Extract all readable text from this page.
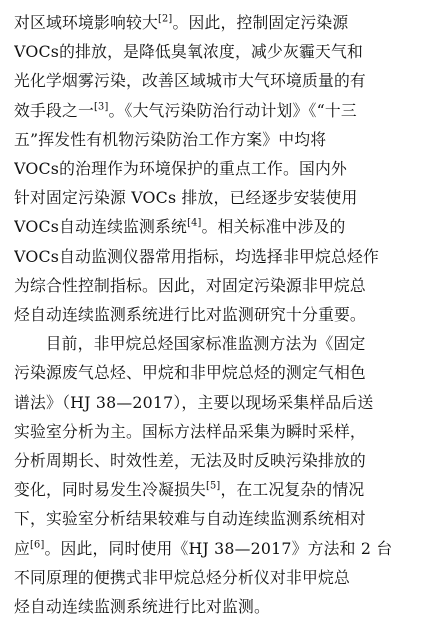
对区域环境影响较大[2]。因此，控制固定污染源
VOCs的排放，是降低臭氧浓度，减少灰霾天气和
光化学烟雾污染，改善区域城市大气环境质量的有
效手段之一[3]。《大气污染防治行动计划》《“十三
五”挥发性有机物污染防治工作方案》中均将
VOCs的治理作为环境保护的重点工作。国内外
针对固定污染源 VOCs 排放，已经逐步安装使用
VOCs自动连续监测系统[4]。相关标准中涉及的
VOCs自动监测仪器常用指标，均选择非甲烷总烃作
为综合性控制指标。因此，对固定污染源非甲烷总
烃自动连续监测系统进行比对监测研究十分重要。

目前，非甲烷总烃国家标准监测方法为《固定
污染源废气总烃、甲烷和非甲烷总烃的测定气相色
谱法》（HJ 38—2017），主要以现场采集样品后送
实验室分析为主。国标方法样品采集为瞬时采样，
分析周期长、时效性差，无法及时反映污染排放的
变化，同时易发生冷凝损失[5]，在工况复杂的情况
下，实验室分析结果较难与自动连续监测系统相对
应[6]。因此，同时使用《HJ 38—2017》方法和 2 台
不同原理的便携式非甲烷总烃分析仪对非甲烷总
烃自动连续监测系统进行比对监测。
